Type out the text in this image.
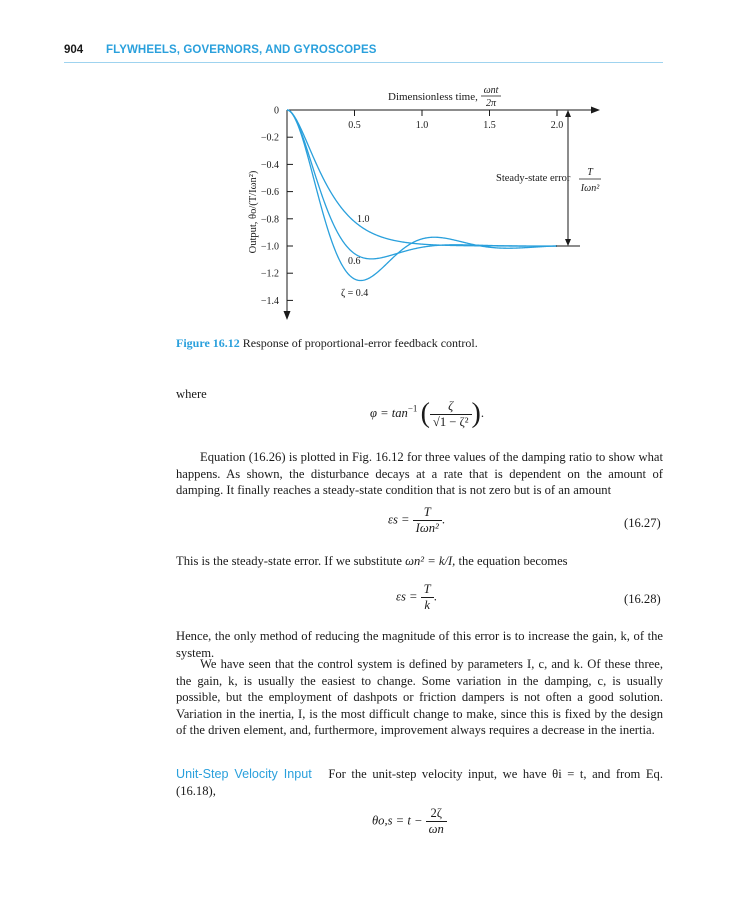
904 FLYWHEELS, GOVERNORS, AND GYROSCOPES
0.5	1.0	1.5	2.0
0
−0.2
−0.4
−0.6
−0.8
−1.0
−1.2
−1.4
Steady-state error
T
Iωn²
Dimensionless time,
ωnt
2π
Output, θo/(T/Iωn²)	1.0
0.6
ζ = 0.4
Figure 16.12 Response of proportional-error feedback control.
where
$\varphi = \tan^{-1}$ ( $\frac{\zeta}{\text{√1 − ζ²}}$ ).
Equation (16.26) is plotted in Fig. 16.12 for three values of the damping ratio to show what happens. As shown, the disturbance decays at a rate that is dependent on the amount of damping. It finally reaches a steady-state condition that is not zero but is of an amount
$\varepsilon s = \frac{T}{\text{Iωn²}}$ .	(16.27)
This is the steady-state error. If we substitute ωn² = k/I, the equation becomes
$\varepsilon s = \frac{T}{k}$ .	(16.28)
Hence, the only method of reducing the magnitude of this error is to increase the gain, k, of the system.
We have seen that the control system is defined by parameters I, c, and k. Of these three, the gain, k, is usually the easiest to change. Some variation in the damping, c, is usually possible, but the employment of dashpots or friction dampers is not often a good solution. Variation in the inertia, I, is the most difficult change to make, since this is fixed by the design of the driven element, and, furthermore, improvement always requires a decrease in the inertia.
Unit-Step Velocity Input For the unit-step velocity input, we have θi = t, and from Eq. (16.18),
$\theta o,s = t - \frac{2\zeta}{\omega n}$
